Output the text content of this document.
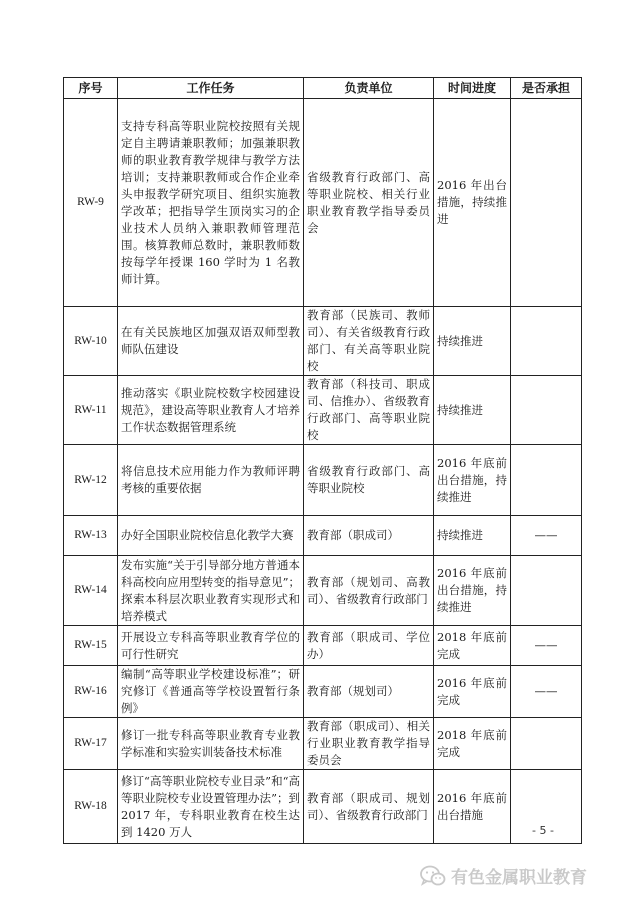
序号	工作任务	负责单位	时间进度	是否承担
RW-9	支持专科高等职业院校按照有关规定自主聘请兼职教师；加强兼职教师的职业教育教学规律与教学方法培训；支持兼职教师或合作企业牵头申报教学研究项目、组织实施教学改革；把指导学生顶岗实习的企业技术人员纳入兼职教师管理范围。核算教师总数时，兼职教师数按每学年授课 160 学时为 1 名教师计算。	省级教育行政部门、高等职业院校、相关行业职业教育教学指导委员会	2016 年出台措施，持续推进	
RW-10	在有关民族地区加强双语双师型教师队伍建设	教育部（民族司、教师司）、有关省级教育行政部门、有关高等职业院校	持续推进	
RW-11	推动落实《职业院校数字校园建设规范》，建设高等职业教育人才培养工作状态数据管理系统	教育部（科技司、职成司、信推办）、省级教育行政部门、高等职业院校	持续推进	
RW-12	将信息技术应用能力作为教师评聘考核的重要依据	省级教育行政部门、高等职业院校	2016 年底前出台措施，持续推进	
RW-13	办好全国职业院校信息化教学大赛	教育部（职成司）	持续推进	——
RW-14	发布实施“关于引导部分地方普通本科高校向应用型转变的指导意见”；探索本科层次职业教育实现形式和培养模式	教育部（规划司、高教司）、省级教育行政部门	2016 年底前出台措施，持续推进	
RW-15	开展设立专科高等职业教育学位的可行性研究	教育部（职成司、学位办）	2018 年底前完成	——
RW-16	编制“高等职业学校建设标准”；研究修订《普通高等学校设置暂行条例》	教育部（规划司）	2016 年底前完成	——
RW-17	修订一批专科高等职业教育专业教学标准和实验实训装备技术标准	教育部（职成司）、相关行业职业教育教学指导委员会	2018 年底前完成	
RW-18	修订“高等职业院校专业目录”和“高等职业院校专业设置管理办法”；到 2017 年，专科职业教育在校生达到 1420 万人	教育部（职成司、规划司）、省级教育行政部门	2016 年底前出台措施	
- 5 -
有色金属职业教育
